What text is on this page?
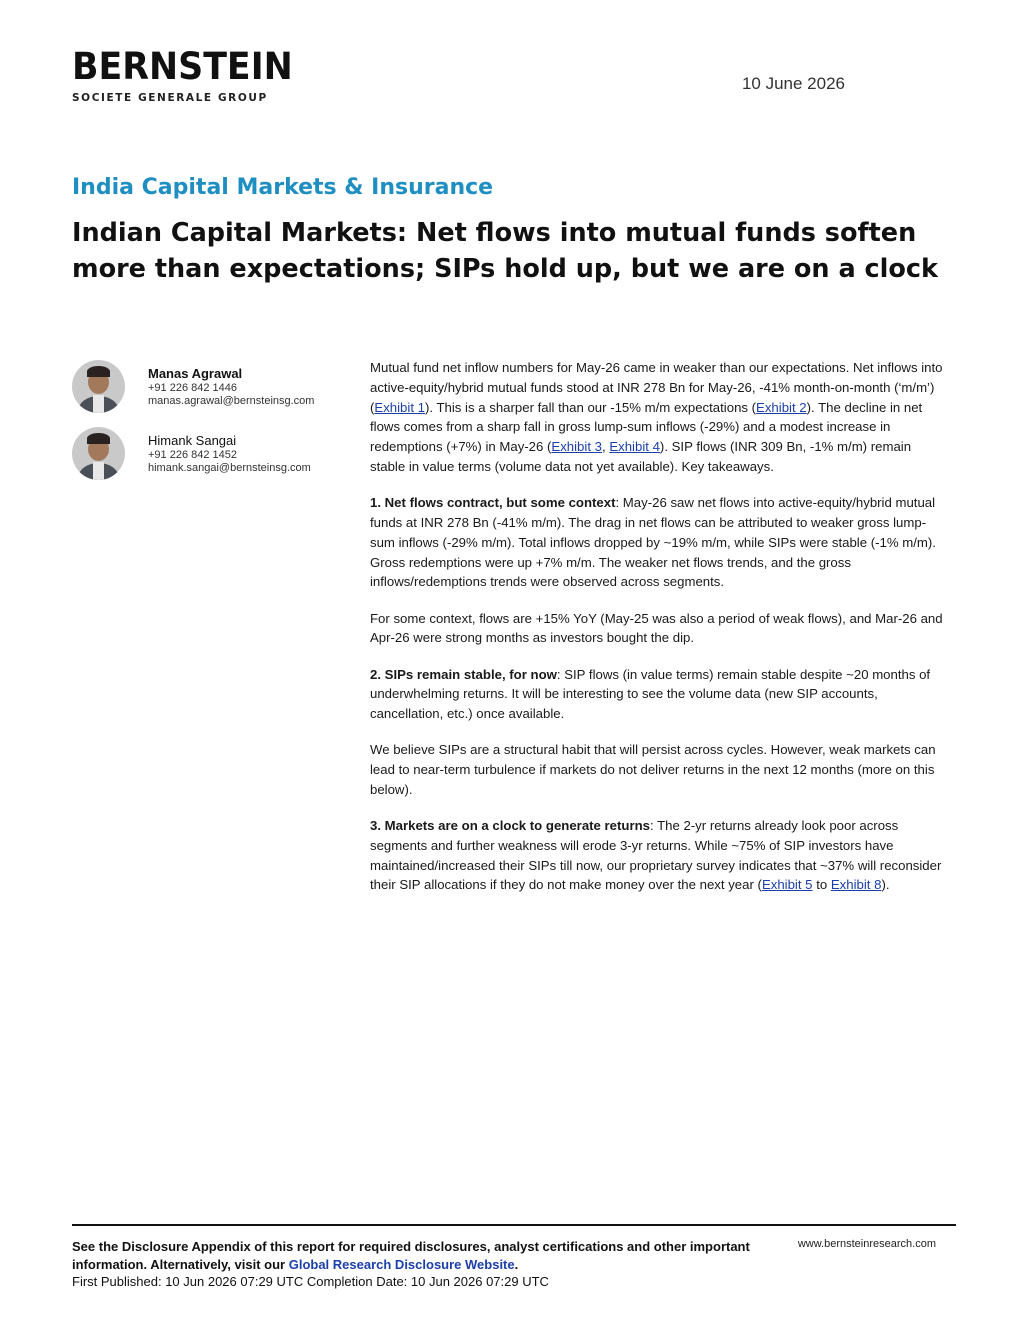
BERNSTEIN
SOCIETE GENERALE GROUP
10 June 2026
India Capital Markets & Insurance
Indian Capital Markets: Net flows into mutual funds soften more than expectations; SIPs hold up, but we are on a clock
Manas Agrawal
+91 226 842 1446
manas.agrawal@bernsteinsg.com
Himank Sangai
+91 226 842 1452
himank.sangai@bernsteinsg.com

Mutual fund net inflow numbers for May-26 came in weaker than our expectations. Net inflows into active-equity/hybrid mutual funds stood at INR 278 Bn for May-26, -41% month-on-month (‘m/m’) (Exhibit 1). This is a sharper fall than our -15% m/m expectations (Exhibit 2). The decline in net flows comes from a sharp fall in gross lump-sum inflows (-29%) and a modest increase in redemptions (+7%) in May-26 (Exhibit 3, Exhibit 4). SIP flows (INR 309 Bn, -1% m/m) remain stable in value terms (volume data not yet available). Key takeaways.

1. Net flows contract, but some context: May-26 saw net flows into active-equity/hybrid mutual funds at INR 278 Bn (-41% m/m). The drag in net flows can be attributed to weaker gross lump-sum inflows (-29% m/m). Total inflows dropped by ~19% m/m, while SIPs were stable (-1% m/m). Gross redemptions were up +7% m/m. The weaker net flows trends, and the gross inflows/redemptions trends were observed across segments.

For some context, flows are +15% YoY (May-25 was also a period of weak flows), and Mar-26 and Apr-26 were strong months as investors bought the dip.

2. SIPs remain stable, for now: SIP flows (in value terms) remain stable despite ~20 months of underwhelming returns. It will be interesting to see the volume data (new SIP accounts, cancellation, etc.) once available.

We believe SIPs are a structural habit that will persist across cycles. However, weak markets can lead to near-term turbulence if markets do not deliver returns in the next 12 months (more on this below).

3. Markets are on a clock to generate returns: The 2-yr returns already look poor across segments and further weakness will erode 3-yr returns. While ~75% of SIP investors have maintained/increased their SIPs till now, our proprietary survey indicates that ~37% will reconsider their SIP allocations if they do not make money over the next year (Exhibit 5 to Exhibit 8).

See the Disclosure Appendix of this report for required disclosures, analyst certifications and other important information. Alternatively, visit our Global Research Disclosure Website.
First Published: 10 Jun 2026 07:29 UTC Completion Date: 10 Jun 2026 07:29 UTC
www.bernsteinresearch.com
